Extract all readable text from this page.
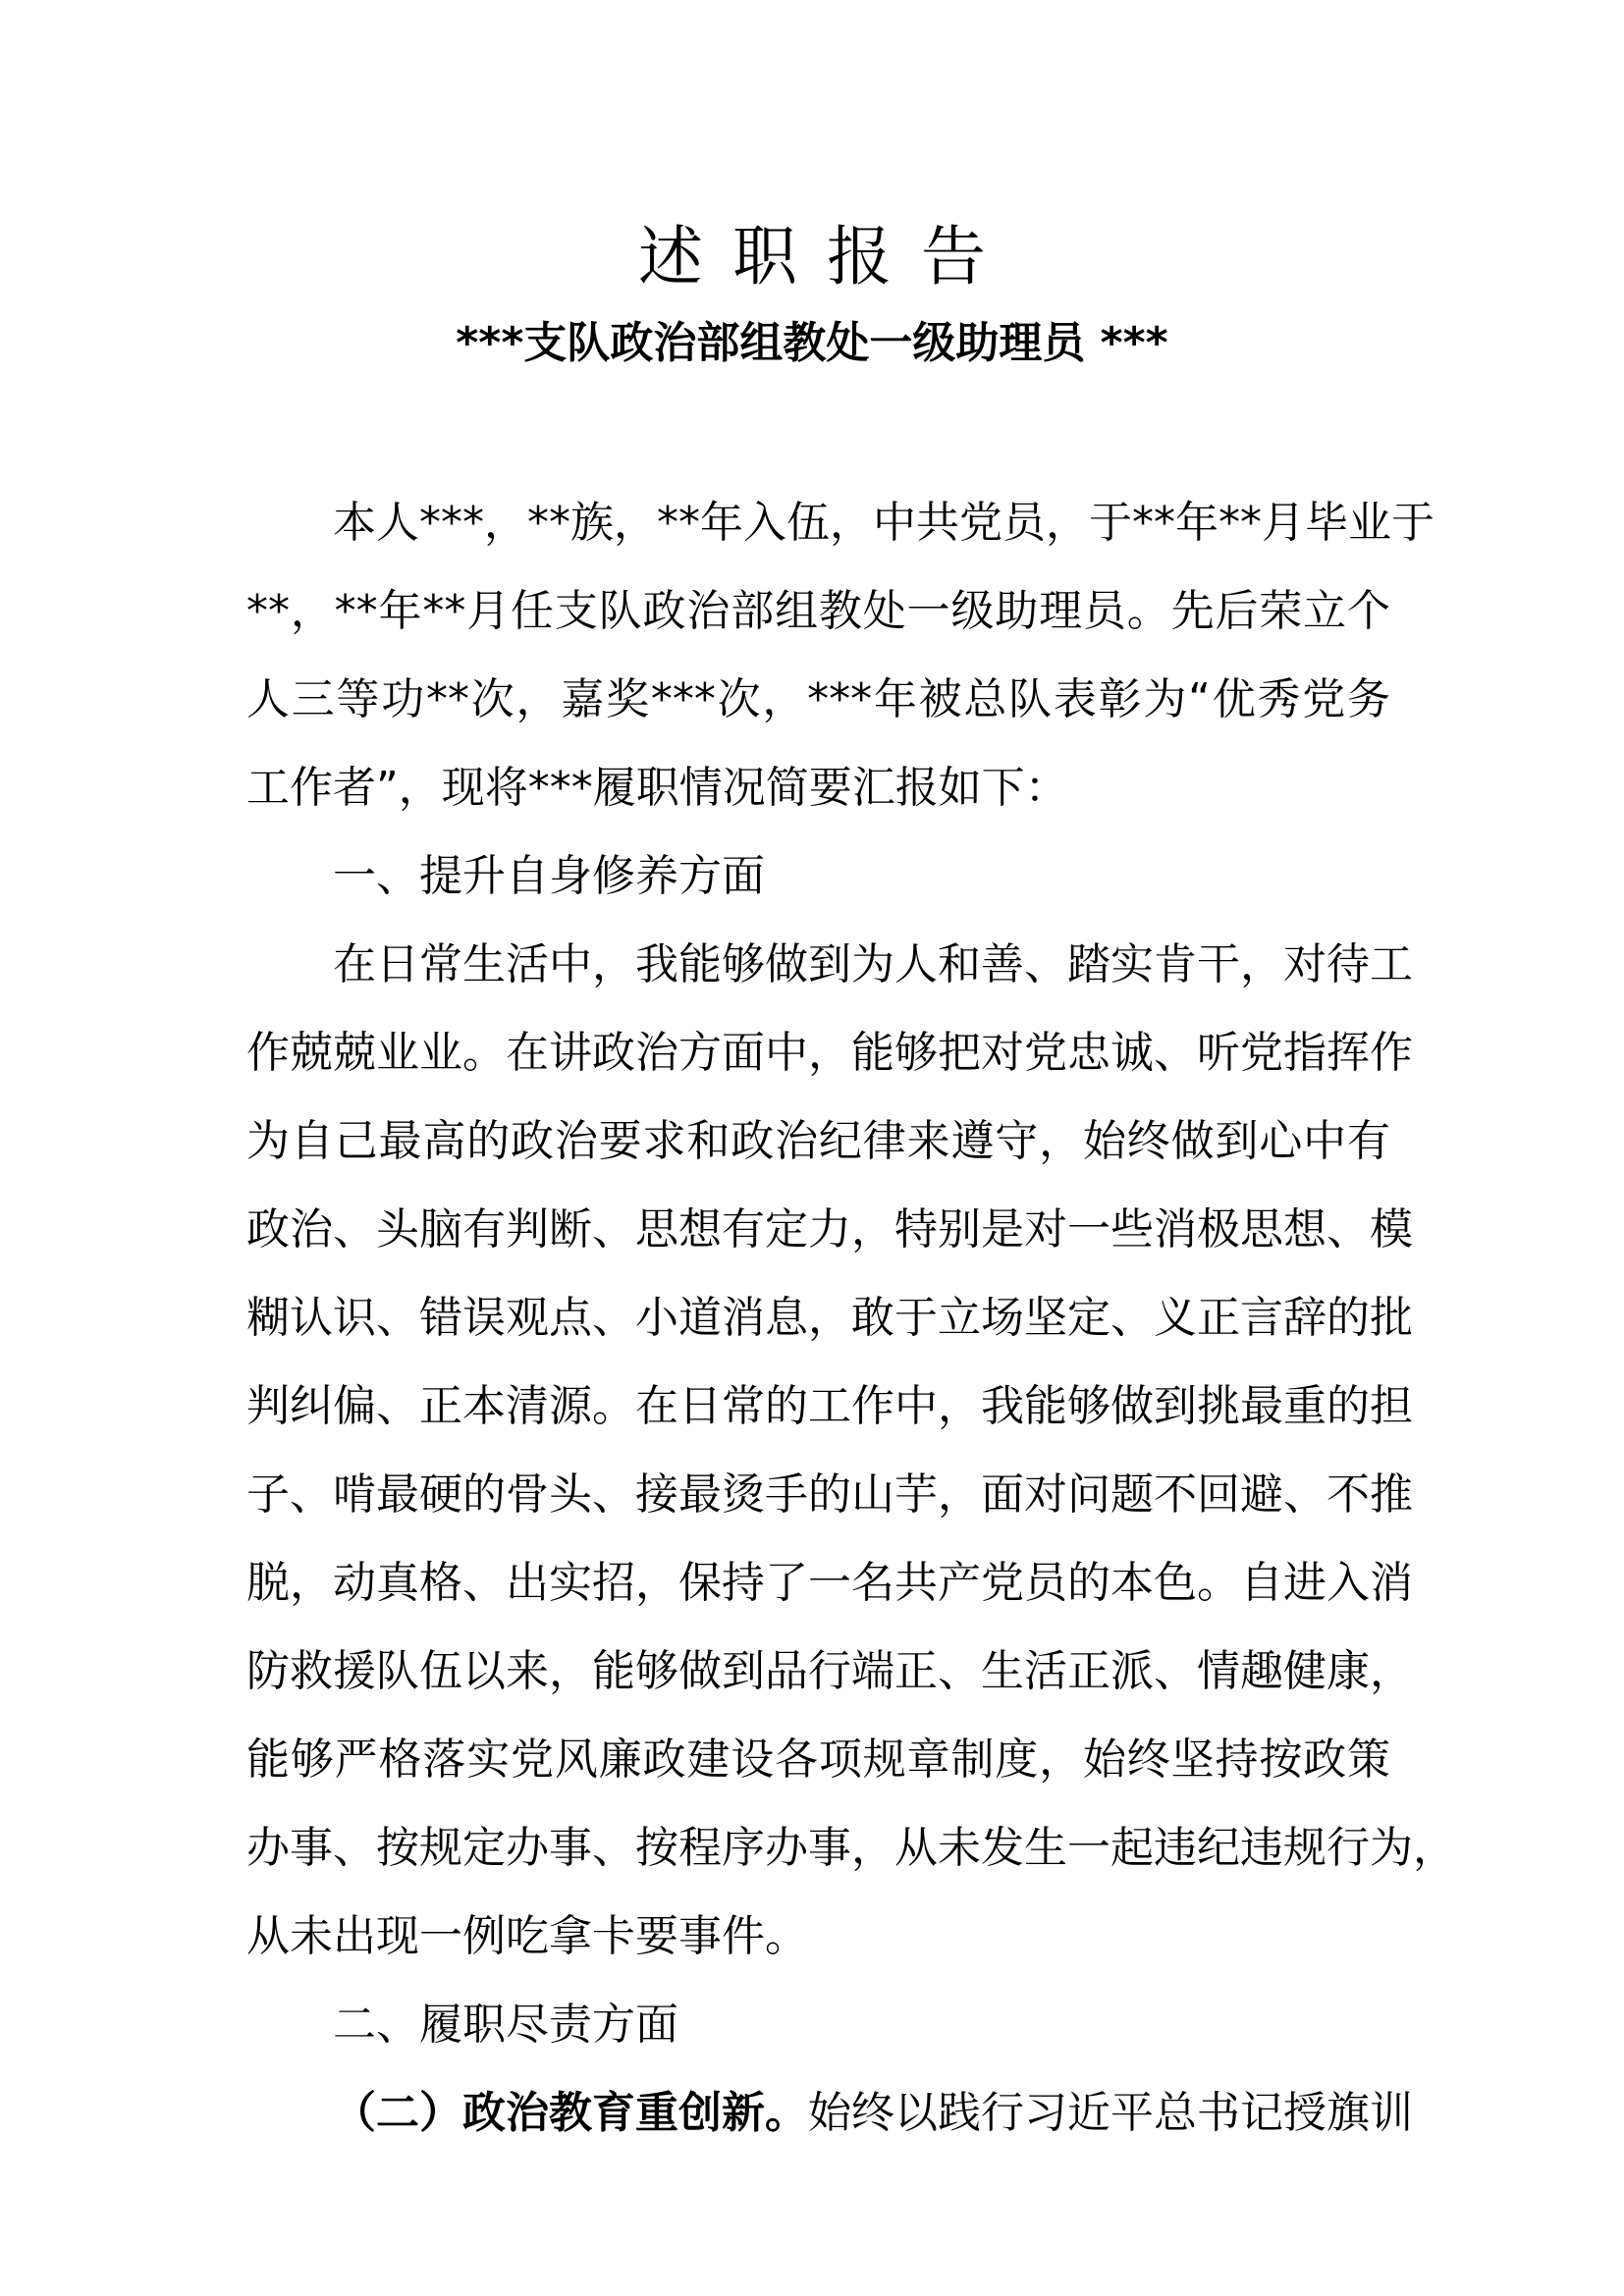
述职报告
***支队政治部组教处一级助理员 ***
本人***，**族，**年入伍，中共党员，于**年**月毕业于
**，**年**月任支队政治部组教处一级助理员。先后荣立个
人三等功**次，嘉奖***次，***年被总队表彰为“优秀党务
工作者”，现将***履职情况简要汇报如下：
一、提升自身修养方面
在日常生活中，我能够做到为人和善、踏实肯干，对待工
作兢兢业业。在讲政治方面中，能够把对党忠诚、听党指挥作
为自己最高的政治要求和政治纪律来遵守，始终做到心中有
政治、头脑有判断、思想有定力，特别是对一些消极思想、模
糊认识、错误观点、小道消息，敢于立场坚定、义正言辞的批
判纠偏、正本清源。在日常的工作中，我能够做到挑最重的担
子、啃最硬的骨头、接最烫手的山芋，面对问题不回避、不推
脱，动真格、出实招，保持了一名共产党员的本色。自进入消
防救援队伍以来，能够做到品行端正、生活正派、情趣健康，
能够严格落实党风廉政建设各项规章制度，始终坚持按政策
办事、按规定办事、按程序办事，从未发生一起违纪违规行为，
从未出现一例吃拿卡要事件。
二、履职尽责方面
（二）政治教育重创新。始终以践行习近平总书记授旗训
